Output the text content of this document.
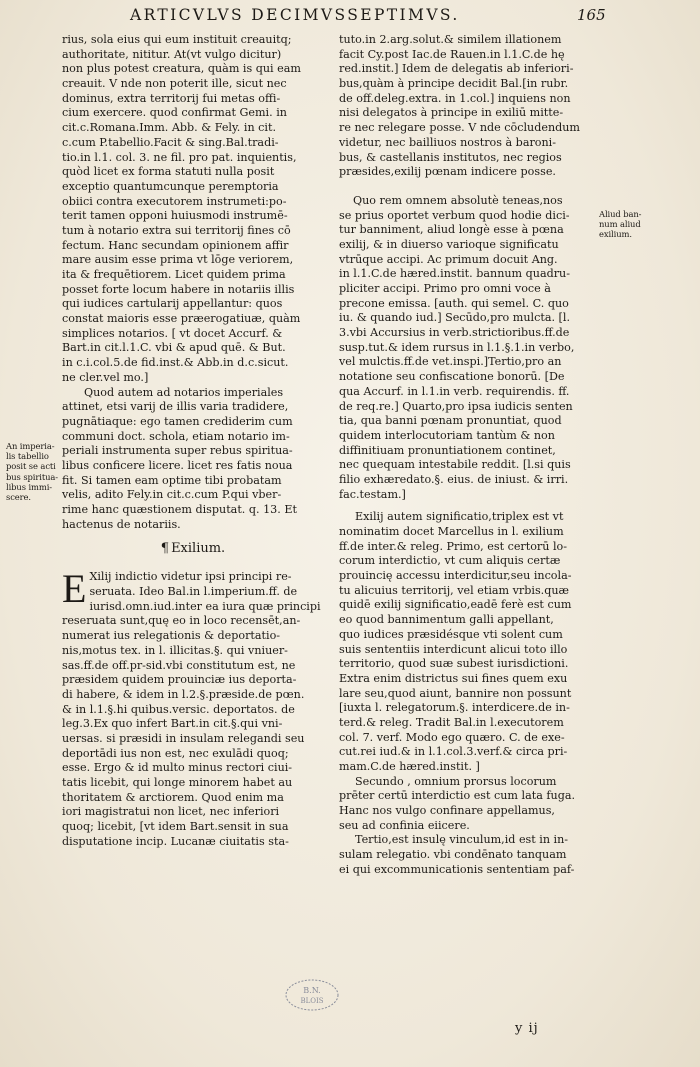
ARTICVLVS DECIMVSSEPTIMVS.	165

rius, sola eius qui eum instituit creauitq;

authoritate, nititur. At(vt vulgo dicitur)

non plus potest creatura, quàm is qui eam

creauit. V nde non poterit ille, sicut nec

dominus, extra territorij fui metas offi-

cium exercere. quod confirmat Gemi. in

cit.c.Romana.Imm. Abb. & Fely. in cit.

c.cum P.tabellio.Facit & sing.Bal.tradi-

tio.in l.1. col. 3. ne fil. pro pat. inquientis,

quòd licet ex forma statuti nulla posit

exceptio quantumcunque peremptoria

obiici contra executorem instrumeti:po-

terit tamen opponi huiusmodi instrumē-

tum à notario extra sui territorij fines cō

fectum. Hanc secundam opinionem affir

mare ausim esse prima vt lōge veriorem,

ita & frequētiorem. Licet quidem prima

posset forte locum habere in notariis illis

qui iudices cartularij appellantur: quos

constat maioris esse præerogatiuæ, quàm

simplices notarios. [ vt docet Accurf. &

Bart.in cit.l.1.C. vbi & apud quē. & But.

in c.i.col.5.de fid.inst.& Abb.in d.c.sicut.

ne cler.vel mo.]

Quod autem ad notarios imperiales

attinet, etsi varij de illis varia tradidere,

pugnātiaque: ego tamen crediderim cum

communi doct. schola, etiam notario im-

periali instrumenta super rebus spiritua-

libus conficere licere. licet res fatis noua

fit. Si tamen eam optime tibi probatam

velis, adito Fely.in cit.c.cum P.qui vber-

rime hanc quæstionem disputat. q. 13. Et

hactenus de notariis.

¶ Exilium.
E Xilij indictio videtur ipsi principi re-

seruata. Ideo Bal.in l.imperium.ff. de

iurisd.omn.iud.inter ea iura quæ principi

reseruata sunt,quę eo in loco recensēt,an-

numerat ius relegationis & deportatio-

nis,motus tex. in l. illicitas.§. qui vniuer-

sas.ff.de off.pr-sid.vbi constitutum est, ne

præsidem quidem prouinciæ ius deporta-

di habere, & idem in l.2.§.præside.de pœn.

& in l.1.§.hi quibus.versic. deportatos. de

leg.3.Ex quo infert Bart.in cit.§.qui vni-

uersas. si præsidi in insulam relegandi seu

deportādi ius non est, nec exulādi quoq;

esse. Ergo & id multo minus rectori ciui-

tatis licebit, qui longe minorem habet au

thoritatem & arctiorem. Quod enim ma

iori magistratui non licet, nec inferiori

quoq; licebit, [vt idem Bart.sensit in sua

disputatione incip. Lucanæ ciuitatis sta-

An imperia-

lis tabellio

posit se acti

bus spiritua-

libus immi-

scere.

tuto.in 2.arg.solut.& similem illationem

facit Cy.post Iac.de Rauen.in l.1.C.de hę

red.instit.] Idem de delegatis ab inferiori-

bus,quàm à principe decidit Bal.[in rubr.

de off.deleg.extra. in 1.col.] inquiens non

nisi delegatos à principe in exiliū mitte-

re nec relegare posse. V nde cōcludendum

videtur, nec bailliuos nostros à baroni-

bus, & castellanis institutos, nec regios

præsides,exilij pœnam indicere posse.

Quo rem omnem absolutè teneas,nos

se prius oportet verbum quod hodie dici-

tur banniment, aliud longè esse à pœna

exilij, & in diuerso varioque significatu

vtrūque accipi. Ac primum docuit Ang.

in l.1.C.de hæred.instit. bannum quadru-

pliciter accipi. Primo pro omni voce à

precone emissa. [auth. qui semel. C. quo

iu. & quando iud.] Secūdo,pro mulcta. [l.

3.vbi Accursius in verb.strictioribus.ff.de

susp.tut.& idem rursus in l.1.§.1.in verbo,

vel mulctis.ff.de vet.inspi.]Tertio,pro an

notatione seu confiscatione bonorū. [De

qua Accurf. in l.1.in verb. requirendis. ff.

de req.re.] Quarto,pro ipsa iudicis senten

tia, qua banni pœnam pronuntiat, quod

quidem interlocutoriam tantùm & non

diffinitiuam pronuntiationem continet,

nec quequam intestabile reddit. [l.si quis

filio exhæredato.§. eius. de iniust. & irri.

fac.testam.]

Exilij autem significatio,triplex est vt

nominatim docet Marcellus in l. exilium

ff.de inter.& releg. Primo, est certorū lo-

corum interdictio, vt cum aliquis certæ

prouincię accessu interdicitur,seu incola-

tu alicuius territorij, vel etiam vrbis.quæ

quidē exilij significatio,eadē ferè est cum

eo quod bannimentum galli appellant,

quo iudices præsidésque vti solent cum

suis sententiis interdicunt alicui toto illo

territorio, quod suæ subest iurisdictioni.

Extra enim districtus sui fines quem exu

lare seu,quod aiunt, bannire non possunt

[iuxta l. relegatorum.§. interdicere.de in-

terd.& releg. Tradit Bal.in l.executorem

col. 7. verf. Modo ego quæro. C. de exe-

cut.rei iud.& in l.1.col.3.verf.& circa pri-

mam.C.de hæred.instit. ]

Secundo , omnium prorsus locorum

prēter certū interdictio est cum lata fuga.

Hanc nos vulgo confinare appellamus,

seu ad confinia eiicere.

Tertio,est insulę vinculum,id est in in-

sulam relegatio. vbi condēnato tanquam

ei qui excommunicationis sententiam paf-

Aliud ban-

num aliud

exilium.

B.N.
BLOIS
y ij
